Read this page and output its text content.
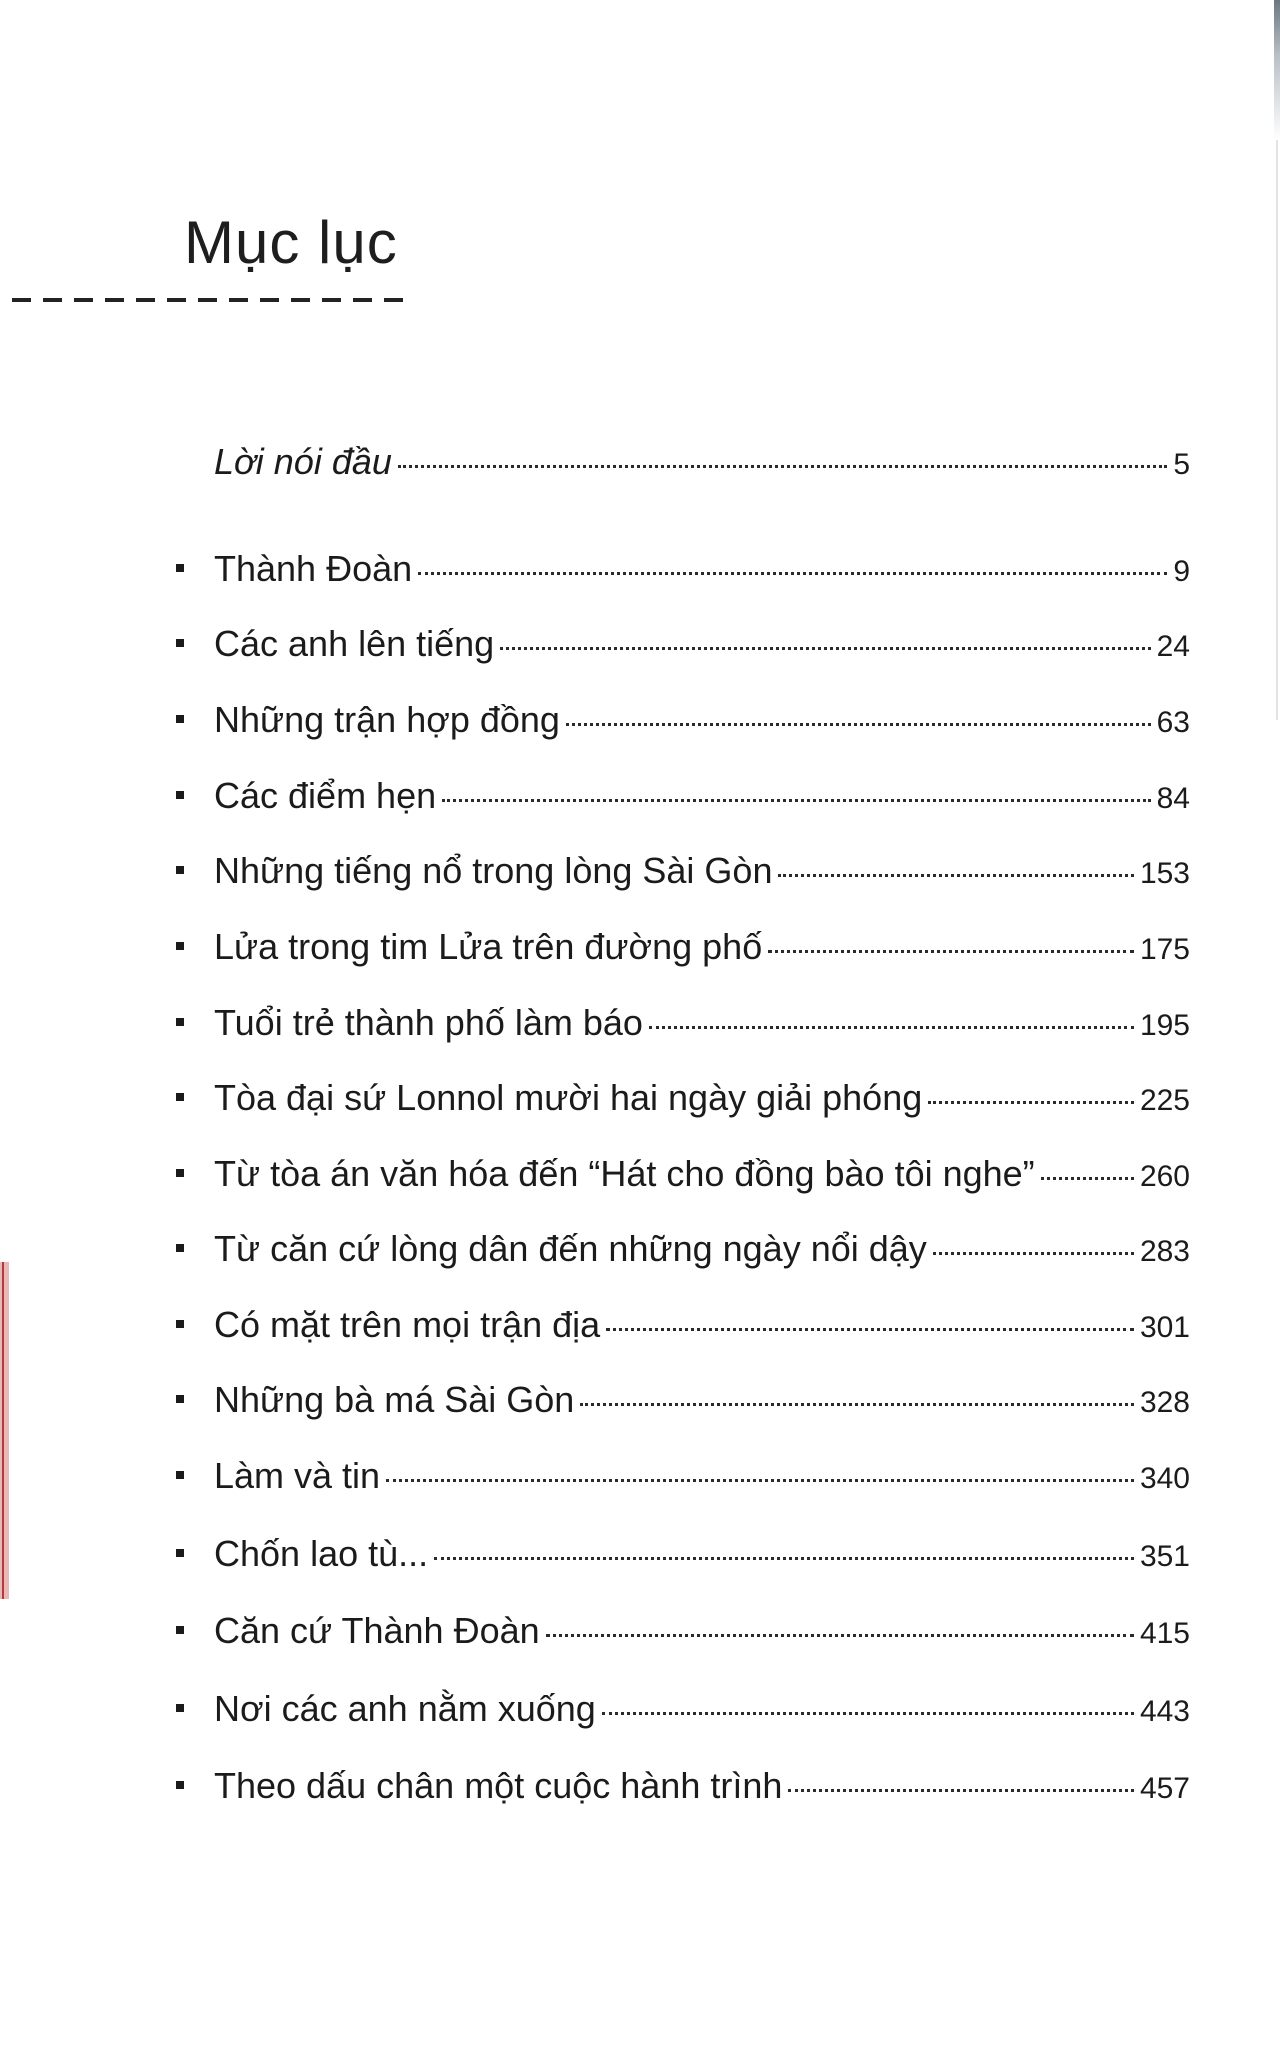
Mục lục
Lời nói đầu	5
Thành Đoàn	9
Các anh lên tiếng	24
Những trận hợp đồng	63
Các điểm hẹn	84
Những tiếng nổ trong lòng Sài Gòn	153
Lửa trong tim Lửa trên đường phố	175
Tuổi trẻ thành phố làm báo	195
Tòa đại sứ Lonnol mười hai ngày giải phóng	225
Từ tòa án văn hóa đến “Hát cho đồng bào tôi nghe”	260
Từ căn cứ lòng dân đến những ngày nổi dậy	283
Có mặt trên mọi trận địa	301
Những bà má Sài Gòn	328
Làm và tin	340
Chốn lao tù...	351
Căn cứ Thành Đoàn	415
Nơi các anh nằm xuống	443
Theo dấu chân một cuộc hành trình	457
